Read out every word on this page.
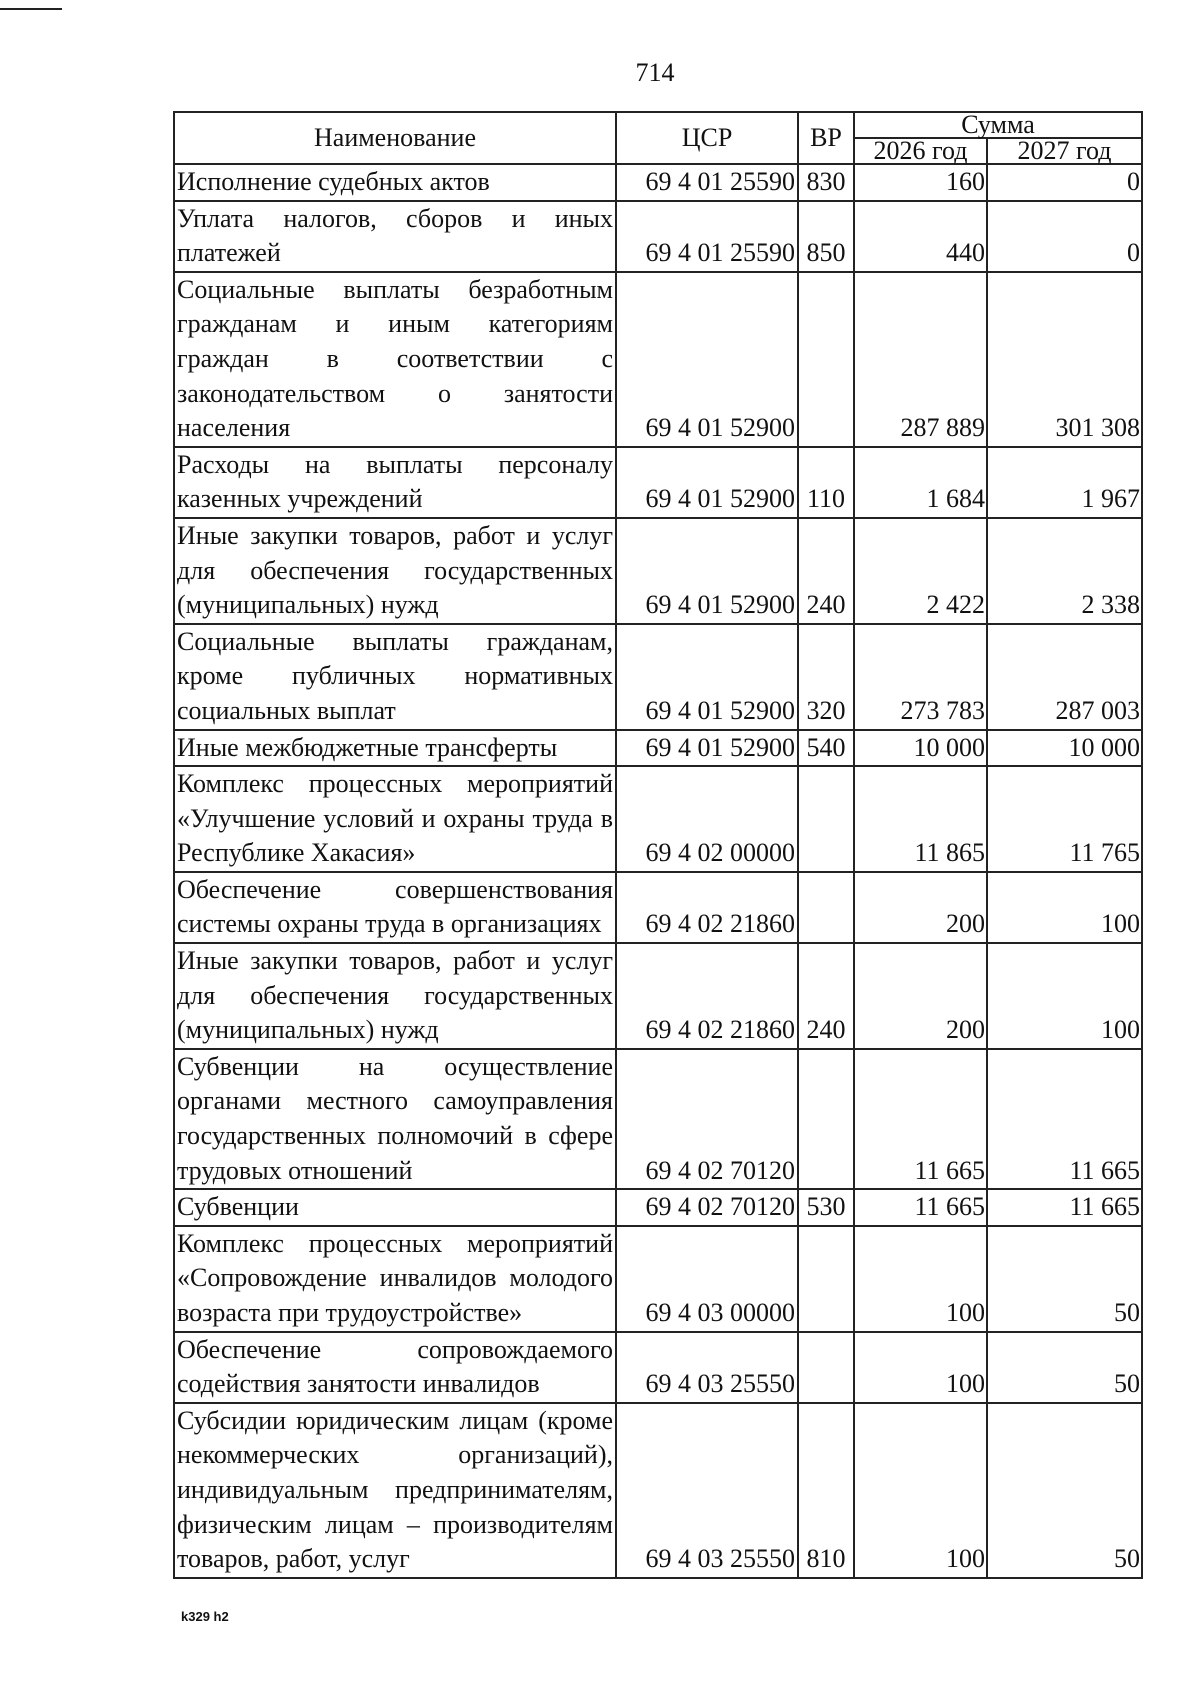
714
Наименование	ЦСР	ВР	Сумма	
			2026 год	2027 год
Исполнение судебных актов	69 4 01 25590	830	160	0
Уплата налогов, сборов и иных платежей	69 4 01 25590	850	440	0
Социальные выплаты безработным гражданам и иным категориям граждан в соответствии с законодательством о занятости населения	69 4 01 52900		287 889	301 308
Расходы на выплаты персоналу казенных учреждений	69 4 01 52900	110	1 684	1 967
Иные закупки товаров, работ и услуг для обеспечения государственных (муниципальных) нужд	69 4 01 52900	240	2 422	2 338
Социальные выплаты гражданам, кроме публичных нормативных социальных выплат	69 4 01 52900	320	273 783	287 003
Иные межбюджетные трансферты	69 4 01 52900	540	10 000	10 000
Комплекс процессных мероприятий «Улучшение условий и охраны труда в Республике Хакасия»	69 4 02 00000		11 865	11 765
Обеспечение совершенствования системы охраны труда в организациях	69 4 02 21860		200	100
Иные закупки товаров, работ и услуг для обеспечения государственных (муниципальных) нужд	69 4 02 21860	240	200	100
Субвенции на осуществление органами местного самоуправления государственных полномочий в сфере трудовых отношений	69 4 02 70120		11 665	11 665
Субвенции	69 4 02 70120	530	11 665	11 665
Комплекс процессных мероприятий «Сопровождение инвалидов молодого возраста при трудоустройстве»	69 4 03 00000		100	50
Обеспечение сопровождаемого содействия занятости инвалидов	69 4 03 25550		100	50
Субсидии юридическим лицам (кроме некоммерческих организаций), индивидуальным предпринимателям, физическим лицам – производителям товаров, работ, услуг	69 4 03 25550	810	100	50
k329 h2
